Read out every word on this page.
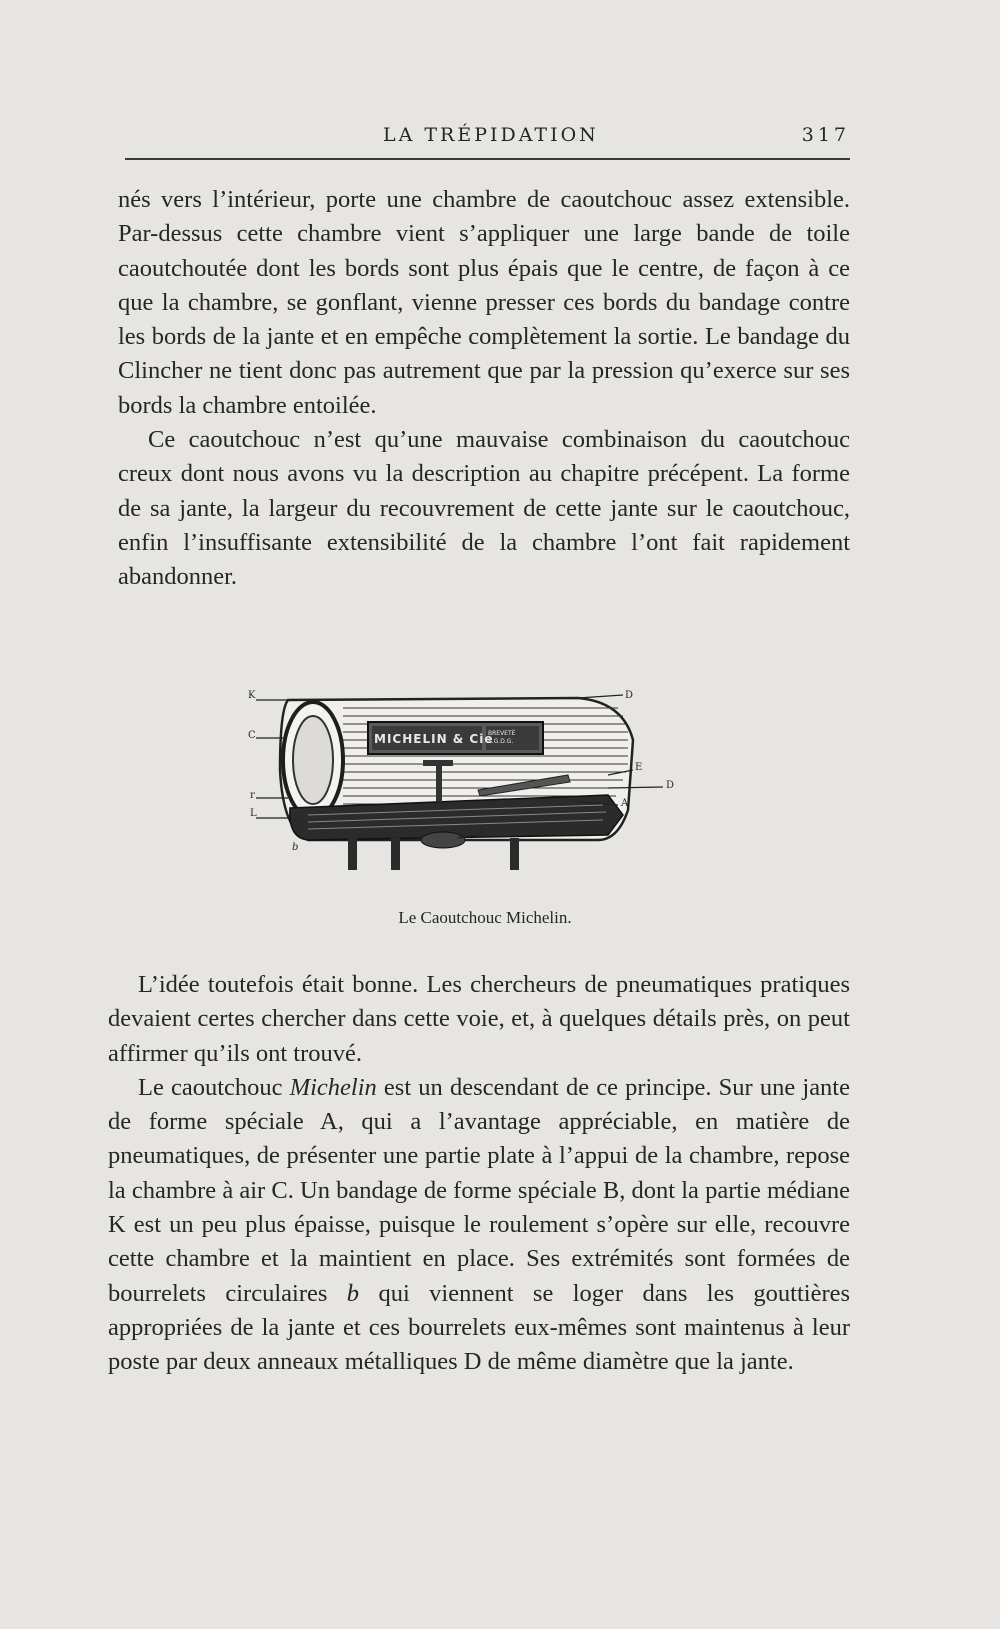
LA TRÉPIDATION	317

nés vers l’intérieur, porte une chambre de caoutchouc assez extensible. Par-dessus cette chambre vient s’appliquer une large bande de toile caoutchoutée dont les bords sont plus épais que le centre, de façon à ce que la chambre, se gonflant, vienne presser ces bords du bandage contre les bords de la jante et en empêche complètement la sortie. Le bandage du Clincher ne tient donc pas autrement que par la pression qu’exerce sur ses bords la chambre entoilée.

Ce caoutchouc n’est qu’une mauvaise combinaison du caoutchouc creux dont nous avons vu la description au chapitre précépent. La forme de sa jante, la largeur du recouvrement de cette jante sur le caoutchouc, enfin l’insuffisante extensibilité de la chambre l’ont fait rapidement abandonner.

MICHELIN & Cie
BREVETÉ S.G.D.G.
K
C
r
L
D
E
D
A
F
b
Le Caoutchouc Michelin.

L’idée toutefois était bonne. Les chercheurs de pneumatiques pratiques devaient certes chercher dans cette voie, et, à quelques détails près, on peut affirmer qu’ils ont trouvé.

Le caoutchouc Michelin est un descendant de ce principe. Sur une jante de forme spéciale A, qui a l’avantage appréciable, en matière de pneumatiques, de présenter une partie plate à l’appui de la chambre, repose la chambre à air C. Un bandage de forme spéciale B, dont la partie médiane K est un peu plus épaisse, puisque le roulement s’opère sur elle, recouvre cette chambre et la maintient en place. Ses extrémités sont formées de bourrelets circulaires b qui viennent se loger dans les gouttières appropriées de la jante et ces bourrelets eux-mêmes sont maintenus à leur poste par deux anneaux métalliques D de même diamètre que la jante.
